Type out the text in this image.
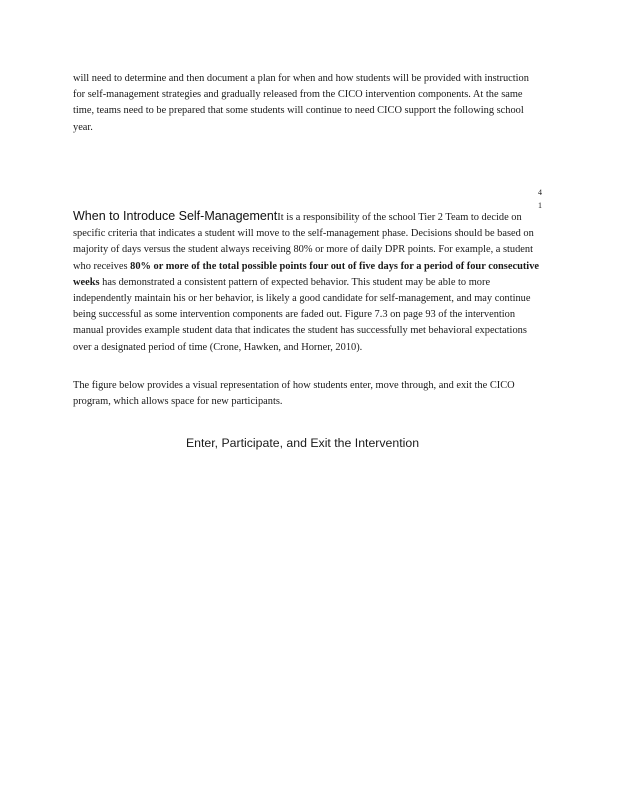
will need to determine and then document a plan for when and how students will be provided with instruction for self-management strategies and gradually released from the CICO intervention components. At the same time, teams need to be prepared that some students will continue to need CICO support the following school year.

4
1

When to Introduce Self-ManagementIt is a responsibility of the school Tier 2 Team to decide on specific criteria that indicates a student will move to the self-management phase. Decisions should be based on majority of days versus the student always receiving 80% or more of daily DPR points. For example, a student who receives 80% or more of the total possible points four out of five days for a period of four consecutive weeks has demonstrated a consistent pattern of expected behavior. This student may be able to more independently maintain his or her behavior, is likely a good candidate for self-management, and may continue being successful as some intervention components are faded out. Figure 7.3 on page 93 of the intervention manual provides example student data that indicates the student has successfully met behavioral expectations over a designated period of time (Crone, Hawken, and Horner, 2010).

The figure below provides a visual representation of how students enter, move through, and exit the CICO program, which allows space for new participants.

Enter, Participate, and Exit the Intervention
